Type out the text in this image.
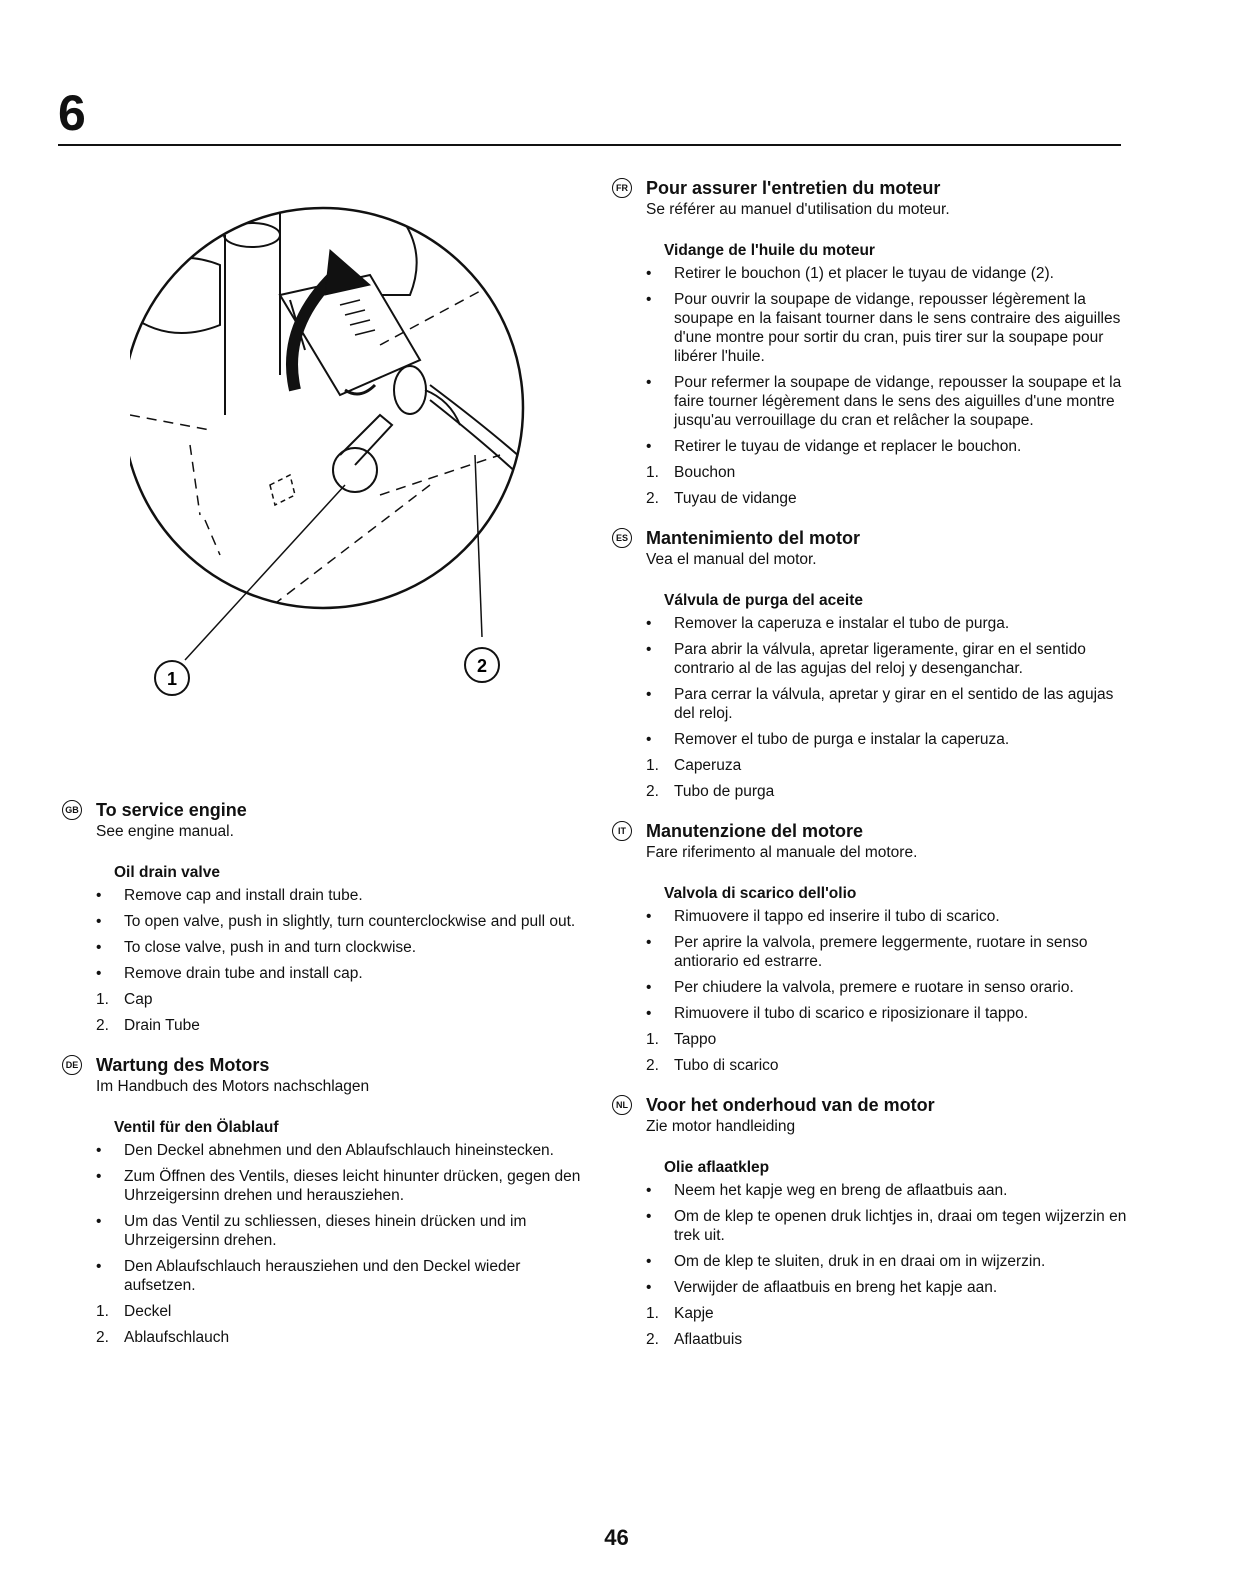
6
1
2
GB To service engine
See engine manual.
Oil drain valve
• Remove cap and install drain tube.
• To open valve, push in slightly, turn counterclockwise and pull out.
• To close valve, push in and turn clockwise.
• Remove drain tube and install cap.
1. Cap
2. Drain Tube
DE Wartung des Motors
Im Handbuch des Motors nachschlagen
Ventil für den Ölablauf
• Den Deckel abnehmen und den Ablaufschlauch hineinstecken.
• Zum Öffnen des Ventils, dieses leicht hinunter drücken, gegen den Uhrzeigersinn drehen und herausziehen.
• Um das Ventil zu schliessen, dieses hinein drücken und im Uhrzeigersinn drehen.
• Den Ablaufschlauch herausziehen und den Deckel wieder aufsetzen.
1. Deckel
2. Ablaufschlauch
FR Pour assurer l'entretien du moteur
Se référer au manuel d'utilisation du moteur.
Vidange de l'huile du moteur
• Retirer le bouchon (1) et placer le tuyau de vidange (2).
• Pour ouvrir la soupape de vidange, repousser légèrement la soupape en la faisant tourner dans le sens contraire des aiguilles d'une montre pour sortir du cran, puis tirer sur la soupape pour libérer l'huile.
• Pour refermer la soupape de vidange, repousser la soupape et la faire tourner légèrement dans le sens des aiguilles d'une montre jusqu'au verrouillage du cran et relâcher la soupape.
• Retirer le tuyau de vidange et replacer le bouchon.
1. Bouchon
2. Tuyau de vidange
ES Mantenimiento del motor
Vea el manual del motor.
Válvula de purga del aceite
• Remover la caperuza e instalar el tubo de purga.
• Para abrir la válvula, apretar ligeramente, girar en el sentido contrario al de las agujas del reloj y desenganchar.
• Para cerrar la válvula, apretar y girar en el sentido de las agujas del reloj.
• Remover el tubo de purga e instalar la caperuza.
1. Caperuza
2. Tubo de purga
IT	Manutenzione del motore
Fare riferimento al manuale del motore.
Valvola di scarico dell'olio
• Rimuovere il tappo ed inserire il tubo di scarico.
• Per aprire la valvola, premere leggermente, ruotare in senso antiorario ed estrarre.
• Per chiudere la valvola, premere e ruotare in senso orario.
• Rimuovere il tubo di scarico e riposizionare il tappo.
1. Tappo
2. Tubo di scarico
NL Voor het onderhoud van de motor
Zie motor handleiding
Olie aflaatklep
• Neem het kapje weg en breng de aflaatbuis aan.
• Om de klep te openen druk lichtjes in, draai om tegen wijzerzin en trek uit.
• Om de klep te sluiten, druk in en draai om in wijzerzin.
• Verwijder de aflaatbuis en breng het kapje aan.
1. Kapje
2. Aflaatbuis
46
